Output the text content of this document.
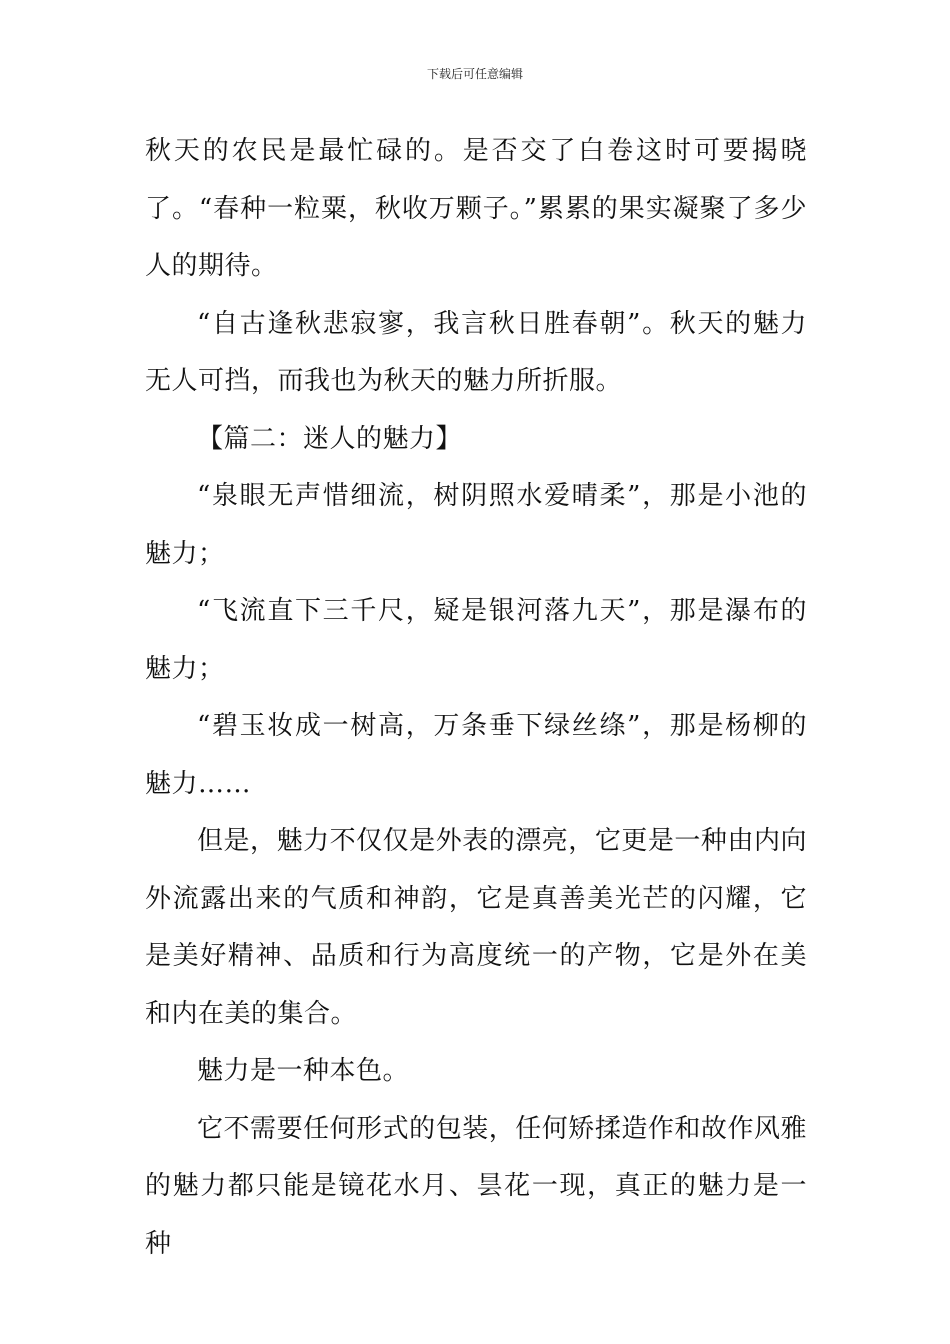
下载后可任意编辑

秋天的农民是最忙碌的。是否交了白卷这时可要揭晓了。“春种一粒粟，秋收万颗子。”累累的果实凝聚了多少人的期待。

“自古逢秋悲寂寥，我言秋日胜春朝”。秋天的魅力无人可挡，而我也为秋天的魅力所折服。

【篇二：迷人的魅力】

“泉眼无声惜细流，树阴照水爱晴柔”，那是小池的魅力；

“飞流直下三千尺，疑是银河落九天”，那是瀑布的魅力；

“碧玉妆成一树高，万条垂下绿丝绦”，那是杨柳的魅力……

但是，魅力不仅仅是外表的漂亮，它更是一种由内向外流露出来的气质和神韵，它是真善美光芒的闪耀，它是美好精神、品质和行为高度统一的产物，它是外在美和内在美的集合。

魅力是一种本色。

它不需要任何形式的包装，任何矫揉造作和故作风雅的魅力都只能是镜花水月、昙花一现，真正的魅力是一种
